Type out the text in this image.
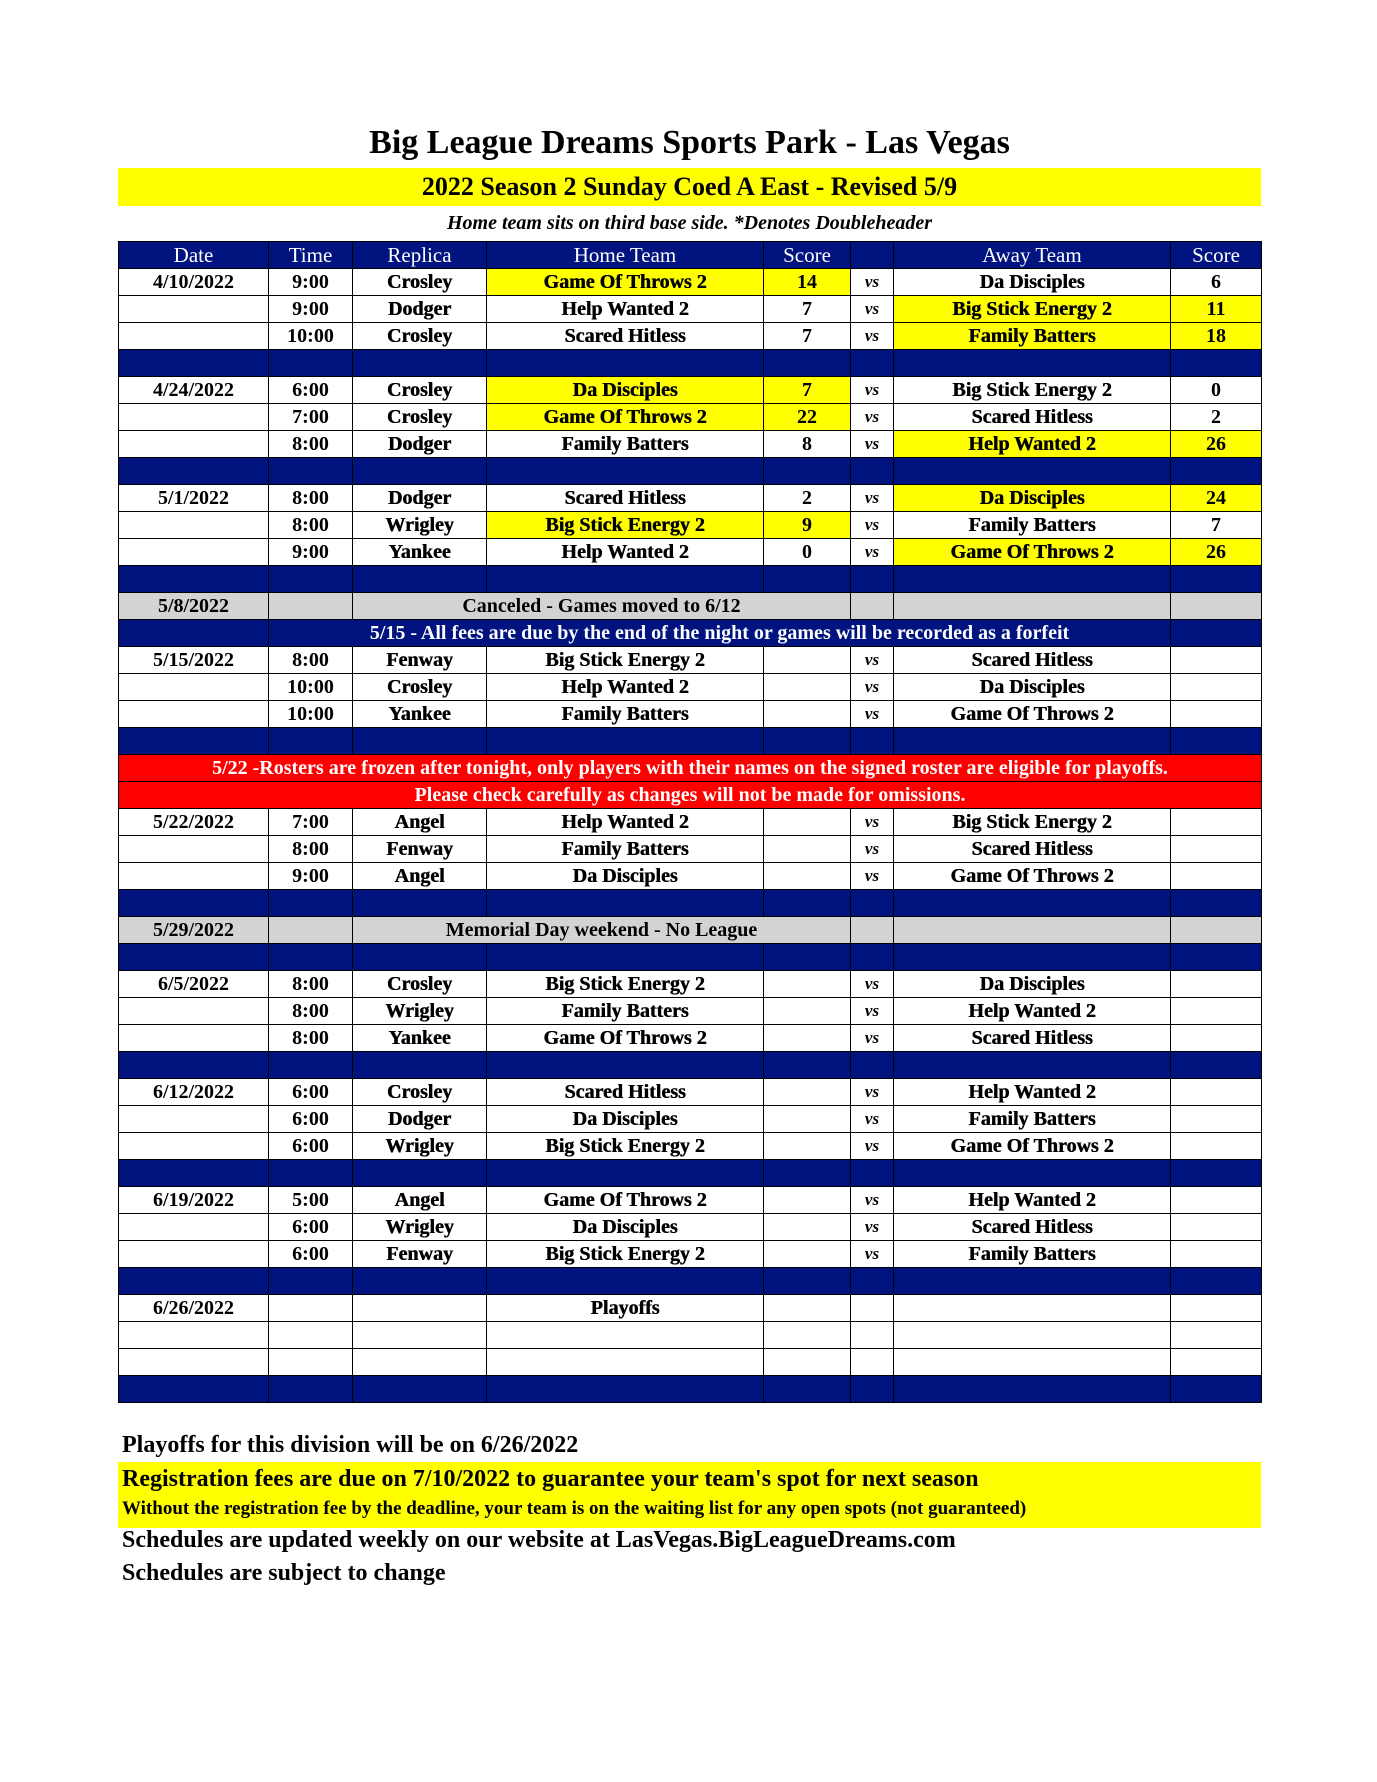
Big League Dreams Sports Park - Las Vegas
2022 Season 2 Sunday Coed A East - Revised 5/9
Home team sits on third base side. *Denotes Doubleheader
Date	Time	Replica	Home Team	Score		Away Team	Score
4/10/2022	9:00	Crosley	Game Of Throws 2	14	vs	Da Disciples	6
	9:00	Dodger	Help Wanted 2	7	vs	Big Stick Energy 2	11
	10:00	Crosley	Scared Hitless	7	vs	Family Batters	18

4/24/2022	6:00	Crosley	Da Disciples	7	vs	Big Stick Energy 2	0
	7:00	Crosley	Game Of Throws 2	22	vs	Scared Hitless	2
	8:00	Dodger	Family Batters	8	vs	Help Wanted 2	26

5/1/2022	8:00	Dodger	Scared Hitless	2	vs	Da Disciples	24
	8:00	Wrigley	Big Stick Energy 2	9	vs	Family Batters	7
	9:00	Yankee	Help Wanted 2	0	vs	Game Of Throws 2	26

5/8/2022		Canceled - Games moved to 6/12					
	5/15 - All fees are due by the end of the night or games will be recorded as a forfeit						
5/15/2022	8:00	Fenway	Big Stick Energy 2		vs	Scared Hitless	
	10:00	Crosley	Help Wanted 2		vs	Da Disciples	
	10:00	Yankee	Family Batters		vs	Game Of Throws 2	

5/22 -Rosters are frozen after tonight, only players with their names on the signed roster are eligible for playoffs.							
Please check carefully as changes will not be made for omissions.							
5/22/2022	7:00	Angel	Help Wanted 2		vs	Big Stick Energy 2	
	8:00	Fenway	Family Batters		vs	Scared Hitless	
	9:00	Angel	Da Disciples		vs	Game Of Throws 2	

5/29/2022		Memorial Day weekend - No League					

6/5/2022	8:00	Crosley	Big Stick Energy 2		vs	Da Disciples	
	8:00	Wrigley	Family Batters		vs	Help Wanted 2	
	8:00	Yankee	Game Of Throws 2		vs	Scared Hitless	

6/12/2022	6:00	Crosley	Scared Hitless		vs	Help Wanted 2	
	6:00	Dodger	Da Disciples		vs	Family Batters	
	6:00	Wrigley	Big Stick Energy 2		vs	Game Of Throws 2	

6/19/2022	5:00	Angel	Game Of Throws 2		vs	Help Wanted 2	
	6:00	Wrigley	Da Disciples		vs	Scared Hitless	
	6:00	Fenway	Big Stick Energy 2		vs	Family Batters	

6/26/2022			Playoffs				

Playoffs for this division will be on 6/26/2022
Registration fees are due on 7/10/2022 to guarantee your team's spot for next season
Without the registration fee by the deadline, your team is on the waiting list for any open spots (not guaranteed)
Schedules are updated weekly on our website at LasVegas.BigLeagueDreams.com
Schedules are subject to change
